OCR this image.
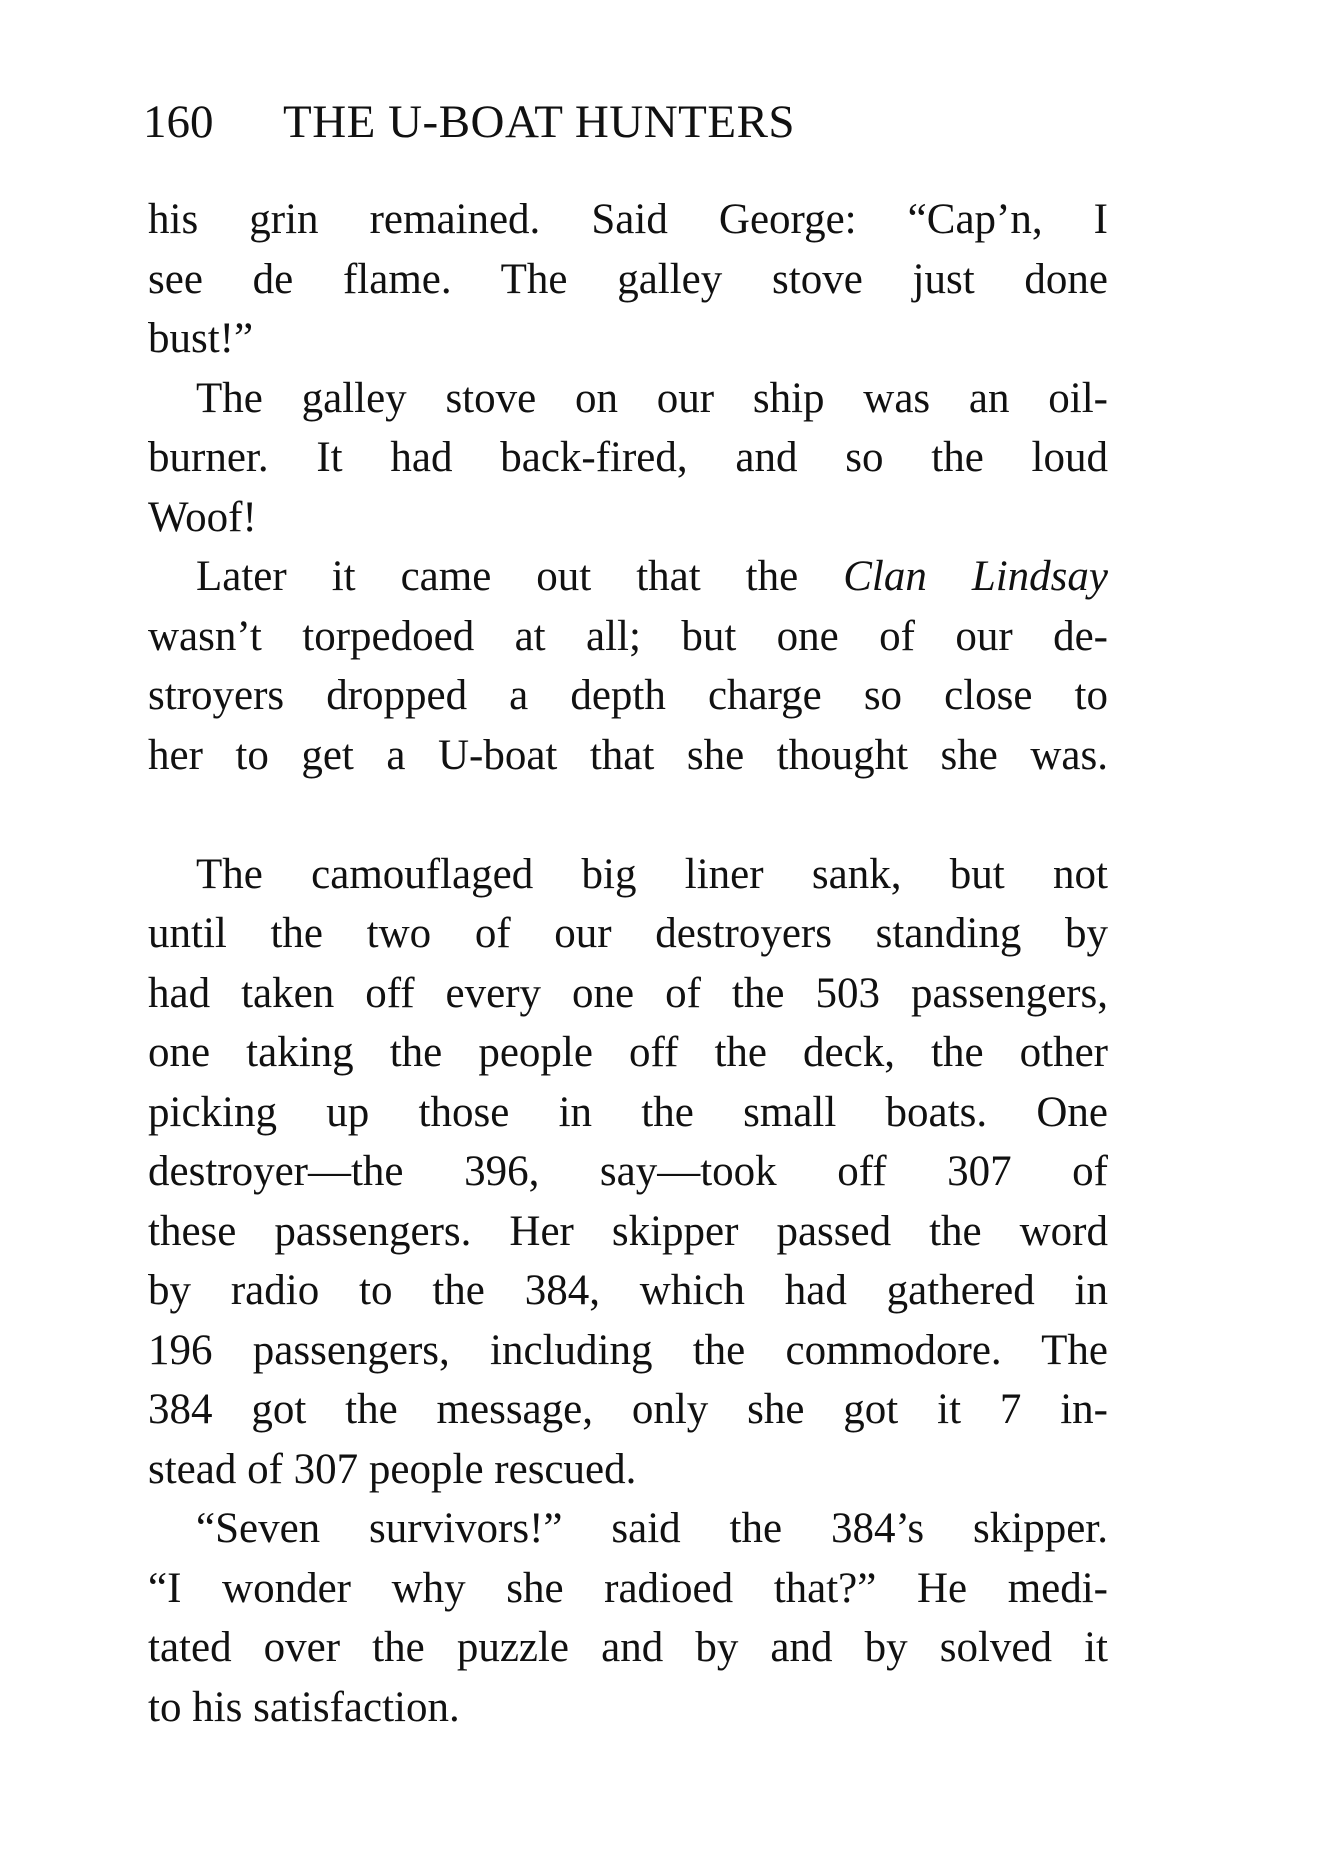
160 THE U-BOAT HUNTERS

his grin remained. Said George: “Cap’n, I
see de flame. The galley stove just done
bust!”

The galley stove on our ship was an oil-
burner. It had back-fired, and so the loud
Woof!

Later it came out that the Clan Lindsay
wasn’t torpedoed at all; but one of our de-
stroyers dropped a depth charge so close to
her to get a U-boat that she thought she was.

The camouflaged big liner sank, but not
until the two of our destroyers standing by
had taken off every one of the 503 passengers,
one taking the people off the deck, the other
picking up those in the small boats. One
destroyer—the 396, say—took off 307 of
these passengers. Her skipper passed the word
by radio to the 384, which had gathered in
196 passengers, including the commodore. The
384 got the message, only she got it 7 in-
stead of 307 people rescued.

“Seven survivors!” said the 384’s skipper.
“I wonder why she radioed that?” He medi-
tated over the puzzle and by and by solved it
to his satisfaction.
